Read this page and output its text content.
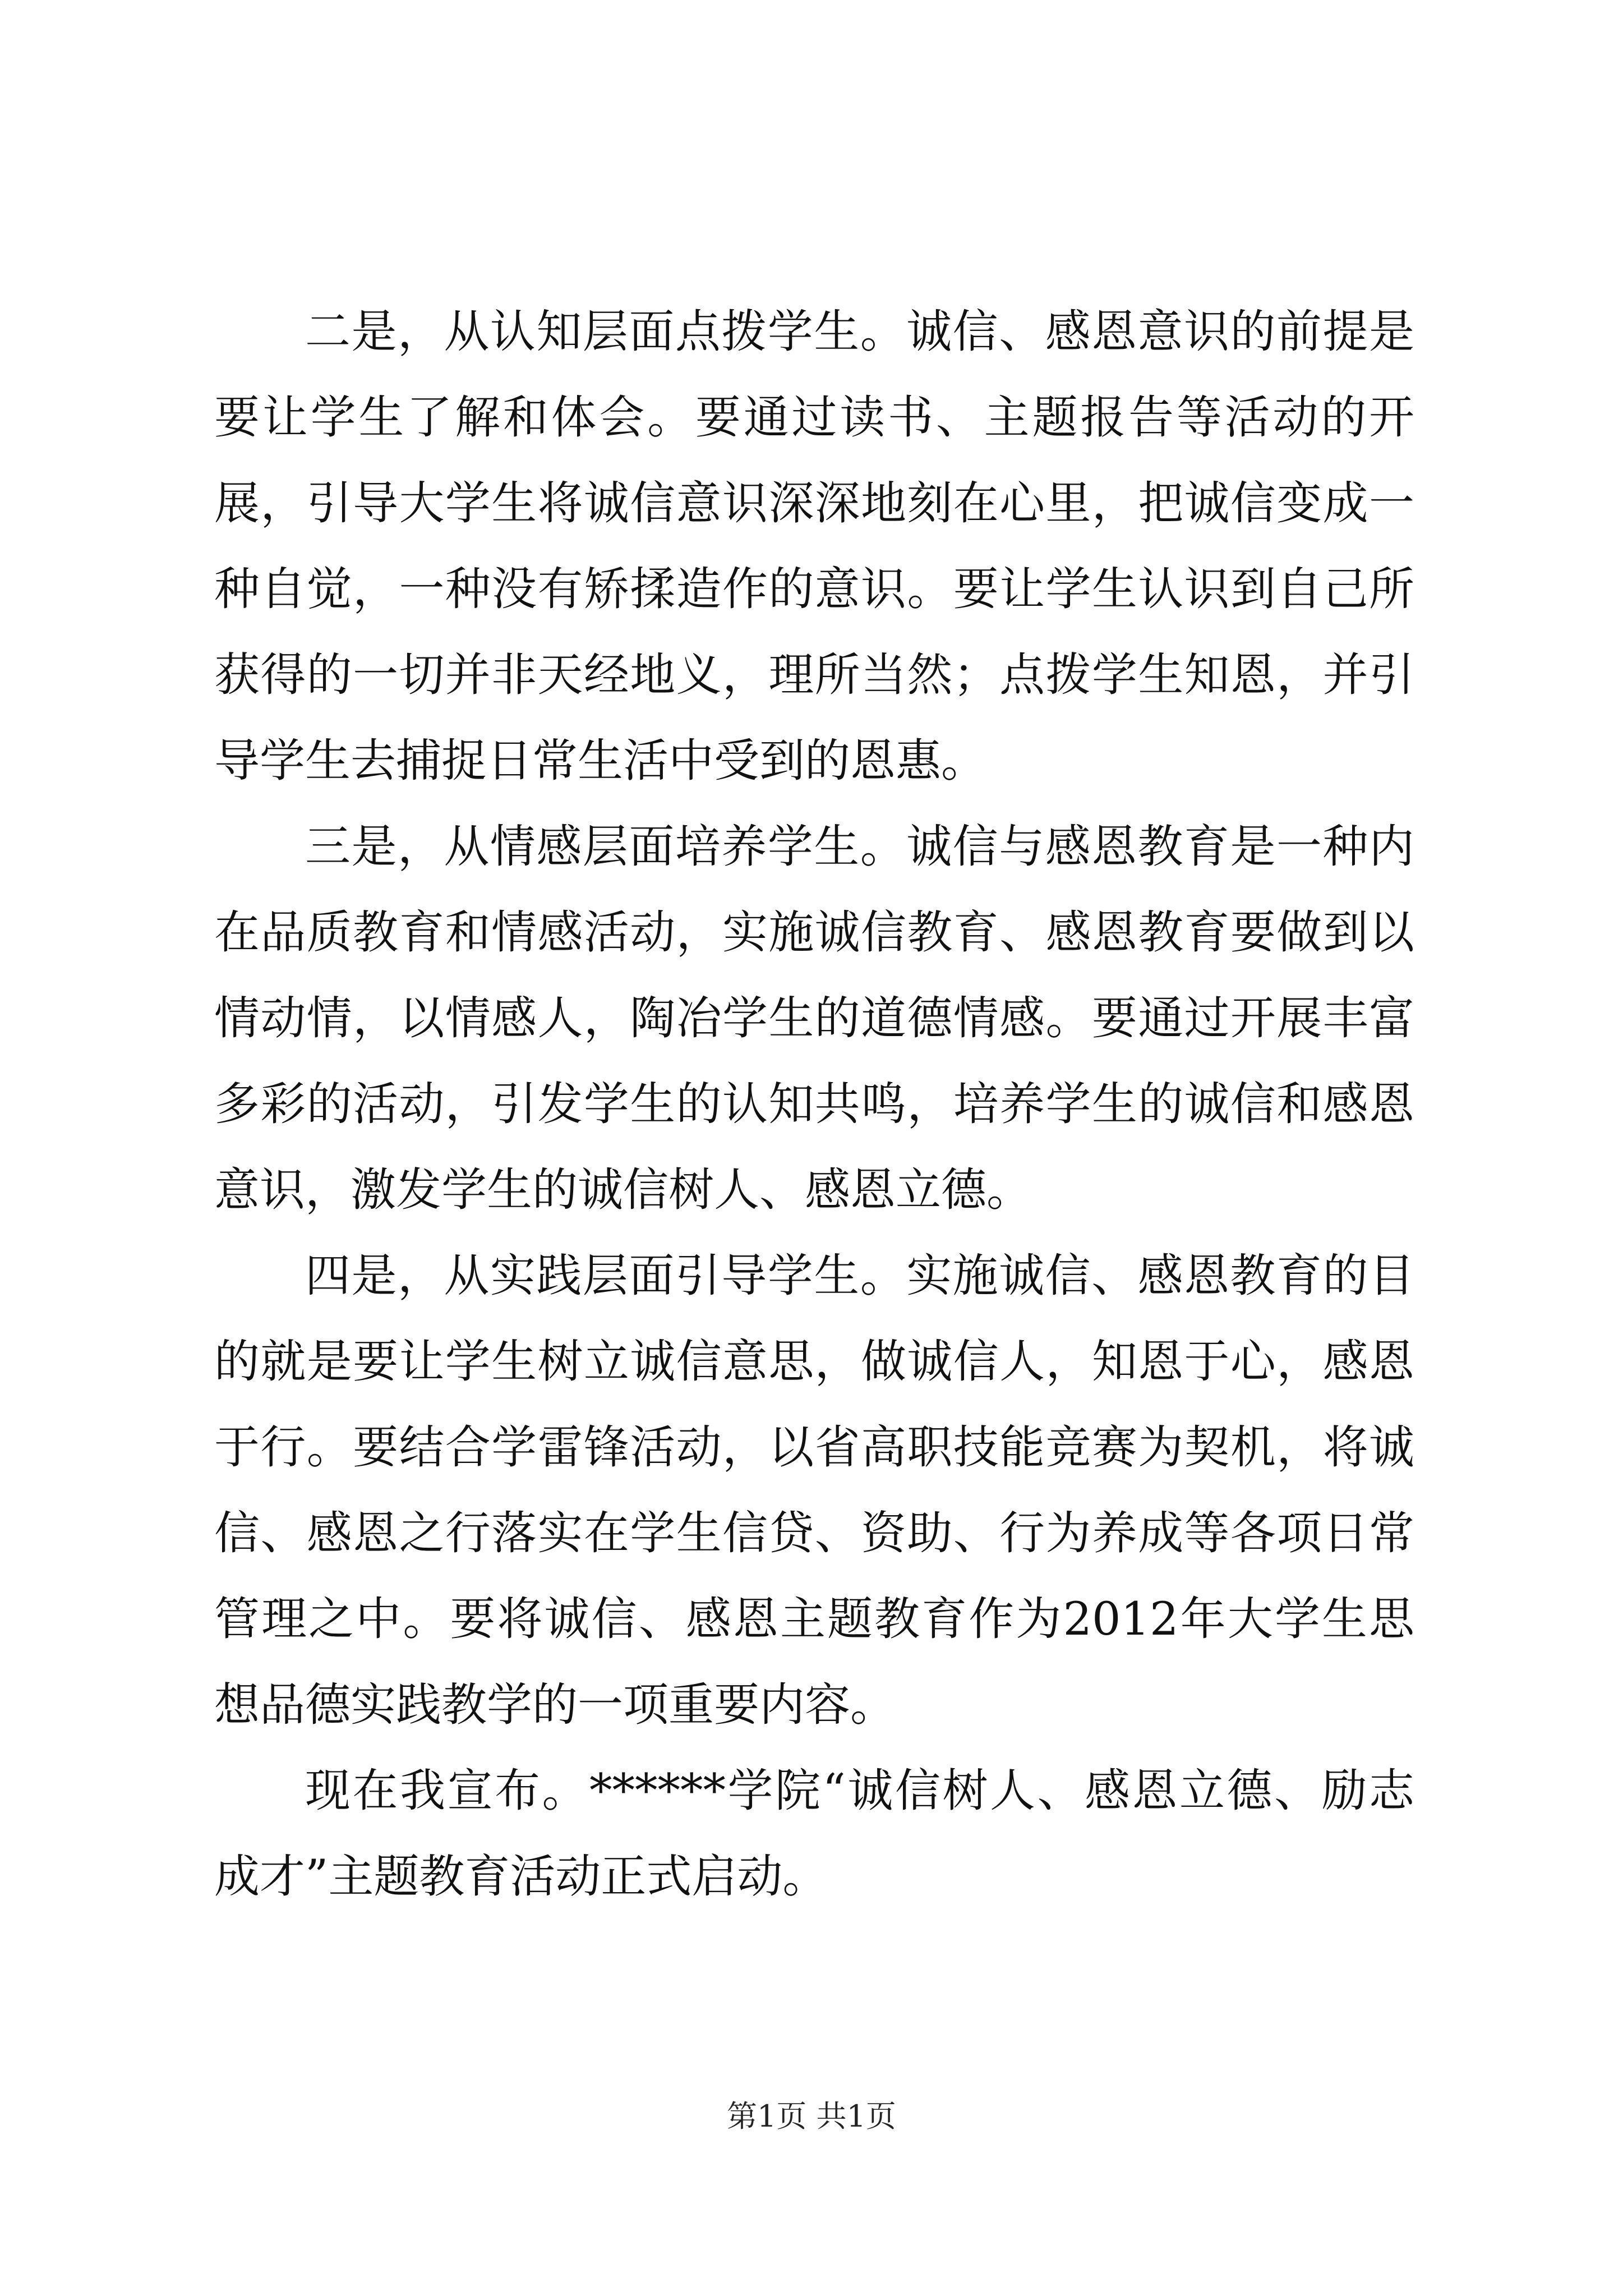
二是，从认知层面点拨学生。诚信、感恩意识的前提是要让学生了解和体会。要通过读书、主题报告等活动的开展，引导大学生将诚信意识深深地刻在心里，把诚信变成一种自觉，一种没有矫揉造作的意识。要让学生认识到自己所获得的一切并非天经地义，理所当然；点拨学生知恩，并引导学生去捕捉日常生活中受到的恩惠。

三是，从情感层面培养学生。诚信与感恩教育是一种内在品质教育和情感活动，实施诚信教育、感恩教育要做到以情动情，以情感人，陶冶学生的道德情感。要通过开展丰富多彩的活动，引发学生的认知共鸣，培养学生的诚信和感恩意识，激发学生的诚信树人、感恩立德。

四是，从实践层面引导学生。实施诚信、感恩教育的目的就是要让学生树立诚信意思，做诚信人，知恩于心，感恩于行。要结合学雷锋活动，以省高职技能竞赛为契机，将诚信、感恩之行落实在学生信贷、资助、行为养成等各项日常管理之中。要将诚信、感恩主题教育作为2012年大学生思想品德实践教学的一项重要内容。

现在我宣布。******学院“诚信树人、感恩立德、励志成才”主题教育活动正式启动。

第1页 共1页
